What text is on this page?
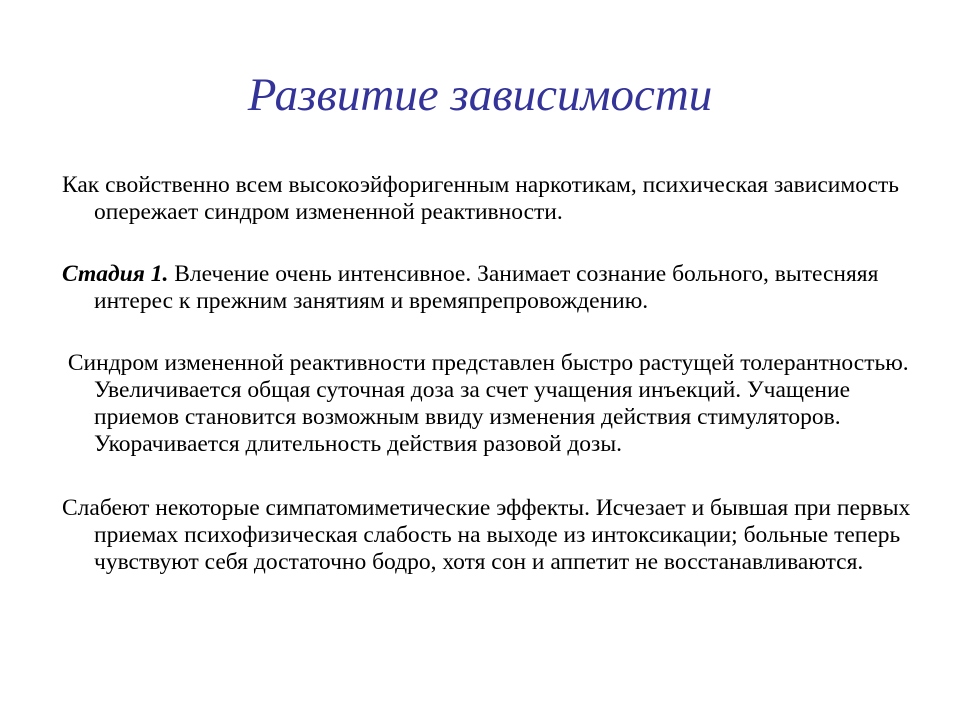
Развитие зависимости

Как свойственно всем высокоэйфоригенным наркотикам, психическая зависимость опережает синдром измененной реактивности.

Стадия 1. Влечение очень интенсивное. Занимает сознание больного, вытесняяя интерес к прежним занятиям и времяпрепровождению.

Синдром измененной реактивности представлен быстро растущей толерантностью. Увеличивается общая суточная доза за счет учащения инъекций. Учащение приемов становится возможным ввиду изменения действия стимуляторов. Укорачивается длительность действия разовой дозы.

Слабеют некоторые симпатомиметические эффекты. Исчезает и бывшая при первых приемах психофизическая слабость на выходе из интоксикации; больные теперь чувствуют себя достаточно бодро, хотя сон и аппетит не восстанавливаются.
